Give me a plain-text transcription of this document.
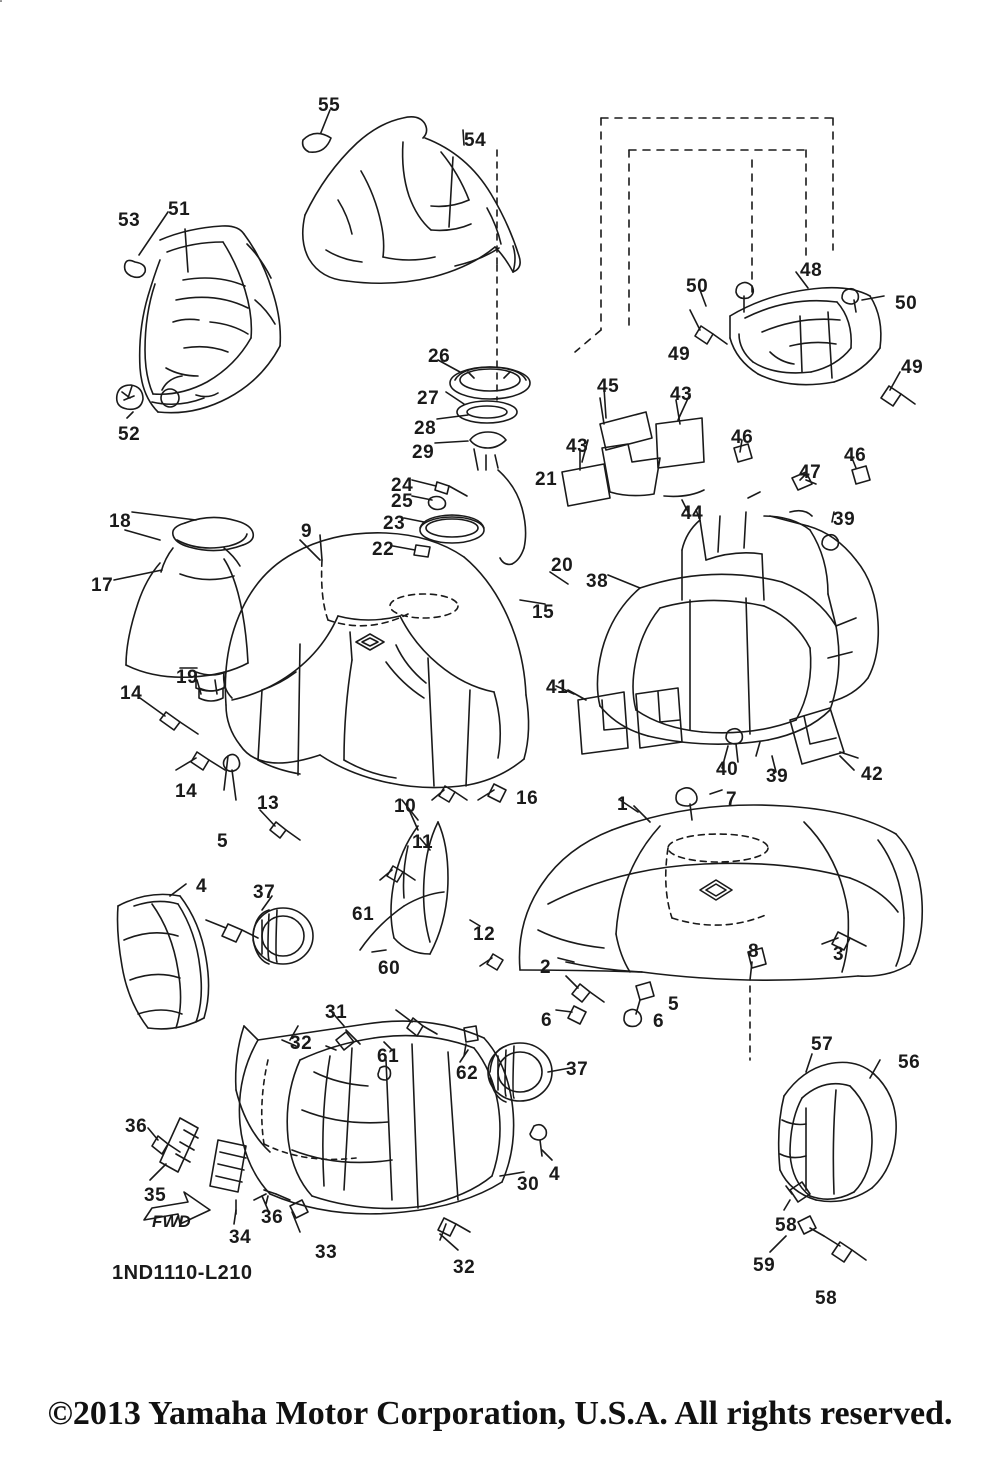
55
54
53
51
50
48
50
49
49
26
27
45	43
52	28
43	46
46
29
47
21
24
44	39
25
18	9	23
22
20
17	38
15
19	41
14
40 39	42
14
13	16	1	7
10
5	11
4 37
61
12
8	3
2
60
5
6	6
31
57
32
56
61
62	37
36
4
35
34
36
30
33
58
59
32
58
FWD
1ND1110-L210
©2013 Yamaha Motor Corporation, U.S.A. All rights reserved.
